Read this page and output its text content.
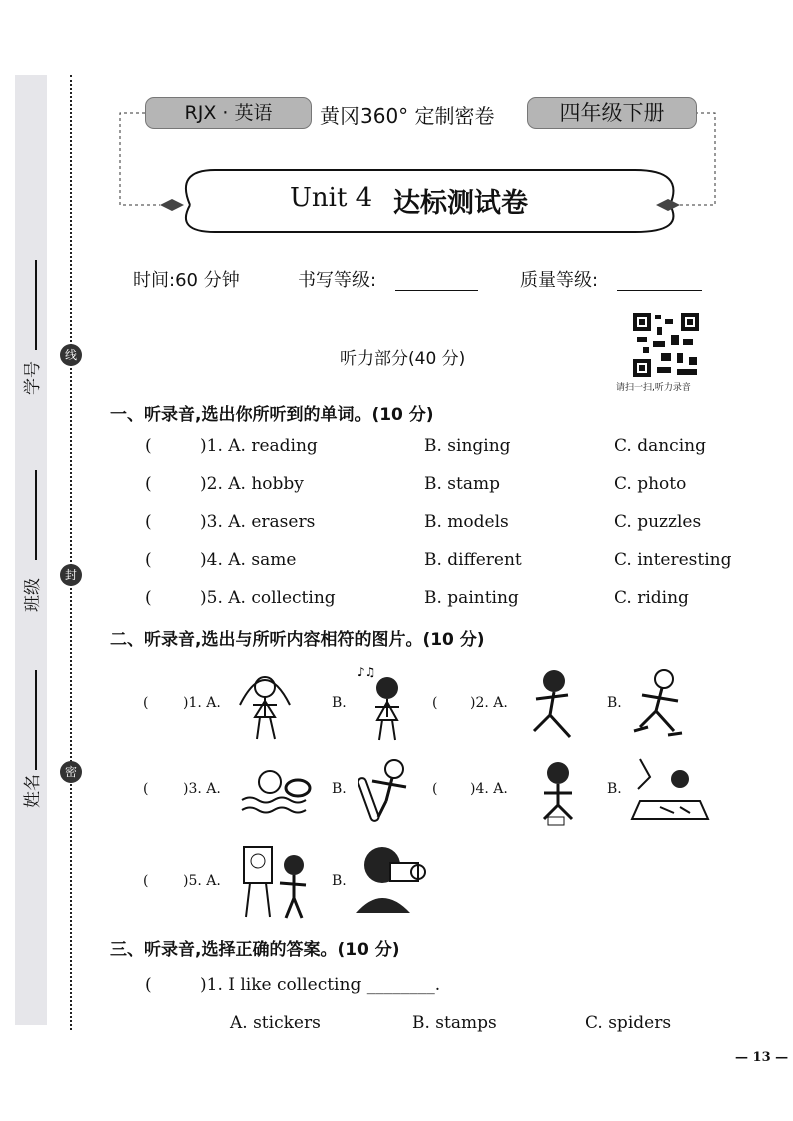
线
封
密
学号
班级
姓名
RJX · 英语	黄冈360° 定制密卷	四年级下册
Unit 4 达标测试卷
时间:60 分钟	书写等级:	质量等级:
听力部分(40 分)
请扫一扫,听力录音
一、听录音,选出你所听到的单词。(10 分)
(	)1. A. reading	B. singing	C. dancing
(	)2. A. hobby	B. stamp	C. photo
(	)3. A. erasers	B. models	C. puzzles
(	)4. A. same	B. different	C. interesting
(	)5. A. collecting	B. painting	C. riding
二、听录音,选出与所听内容相符的图片。(10 分)
( )1. A.	B.	( )2. A.	B.
( )3. A.	B.	( )4. A.	B.
( )5. A.	B.
♪♫
三、听录音,选择正确的答案。(10 分)
(	)1. I like collecting ________.
A. stickers	B. stamps	C. spiders
— 13 —
